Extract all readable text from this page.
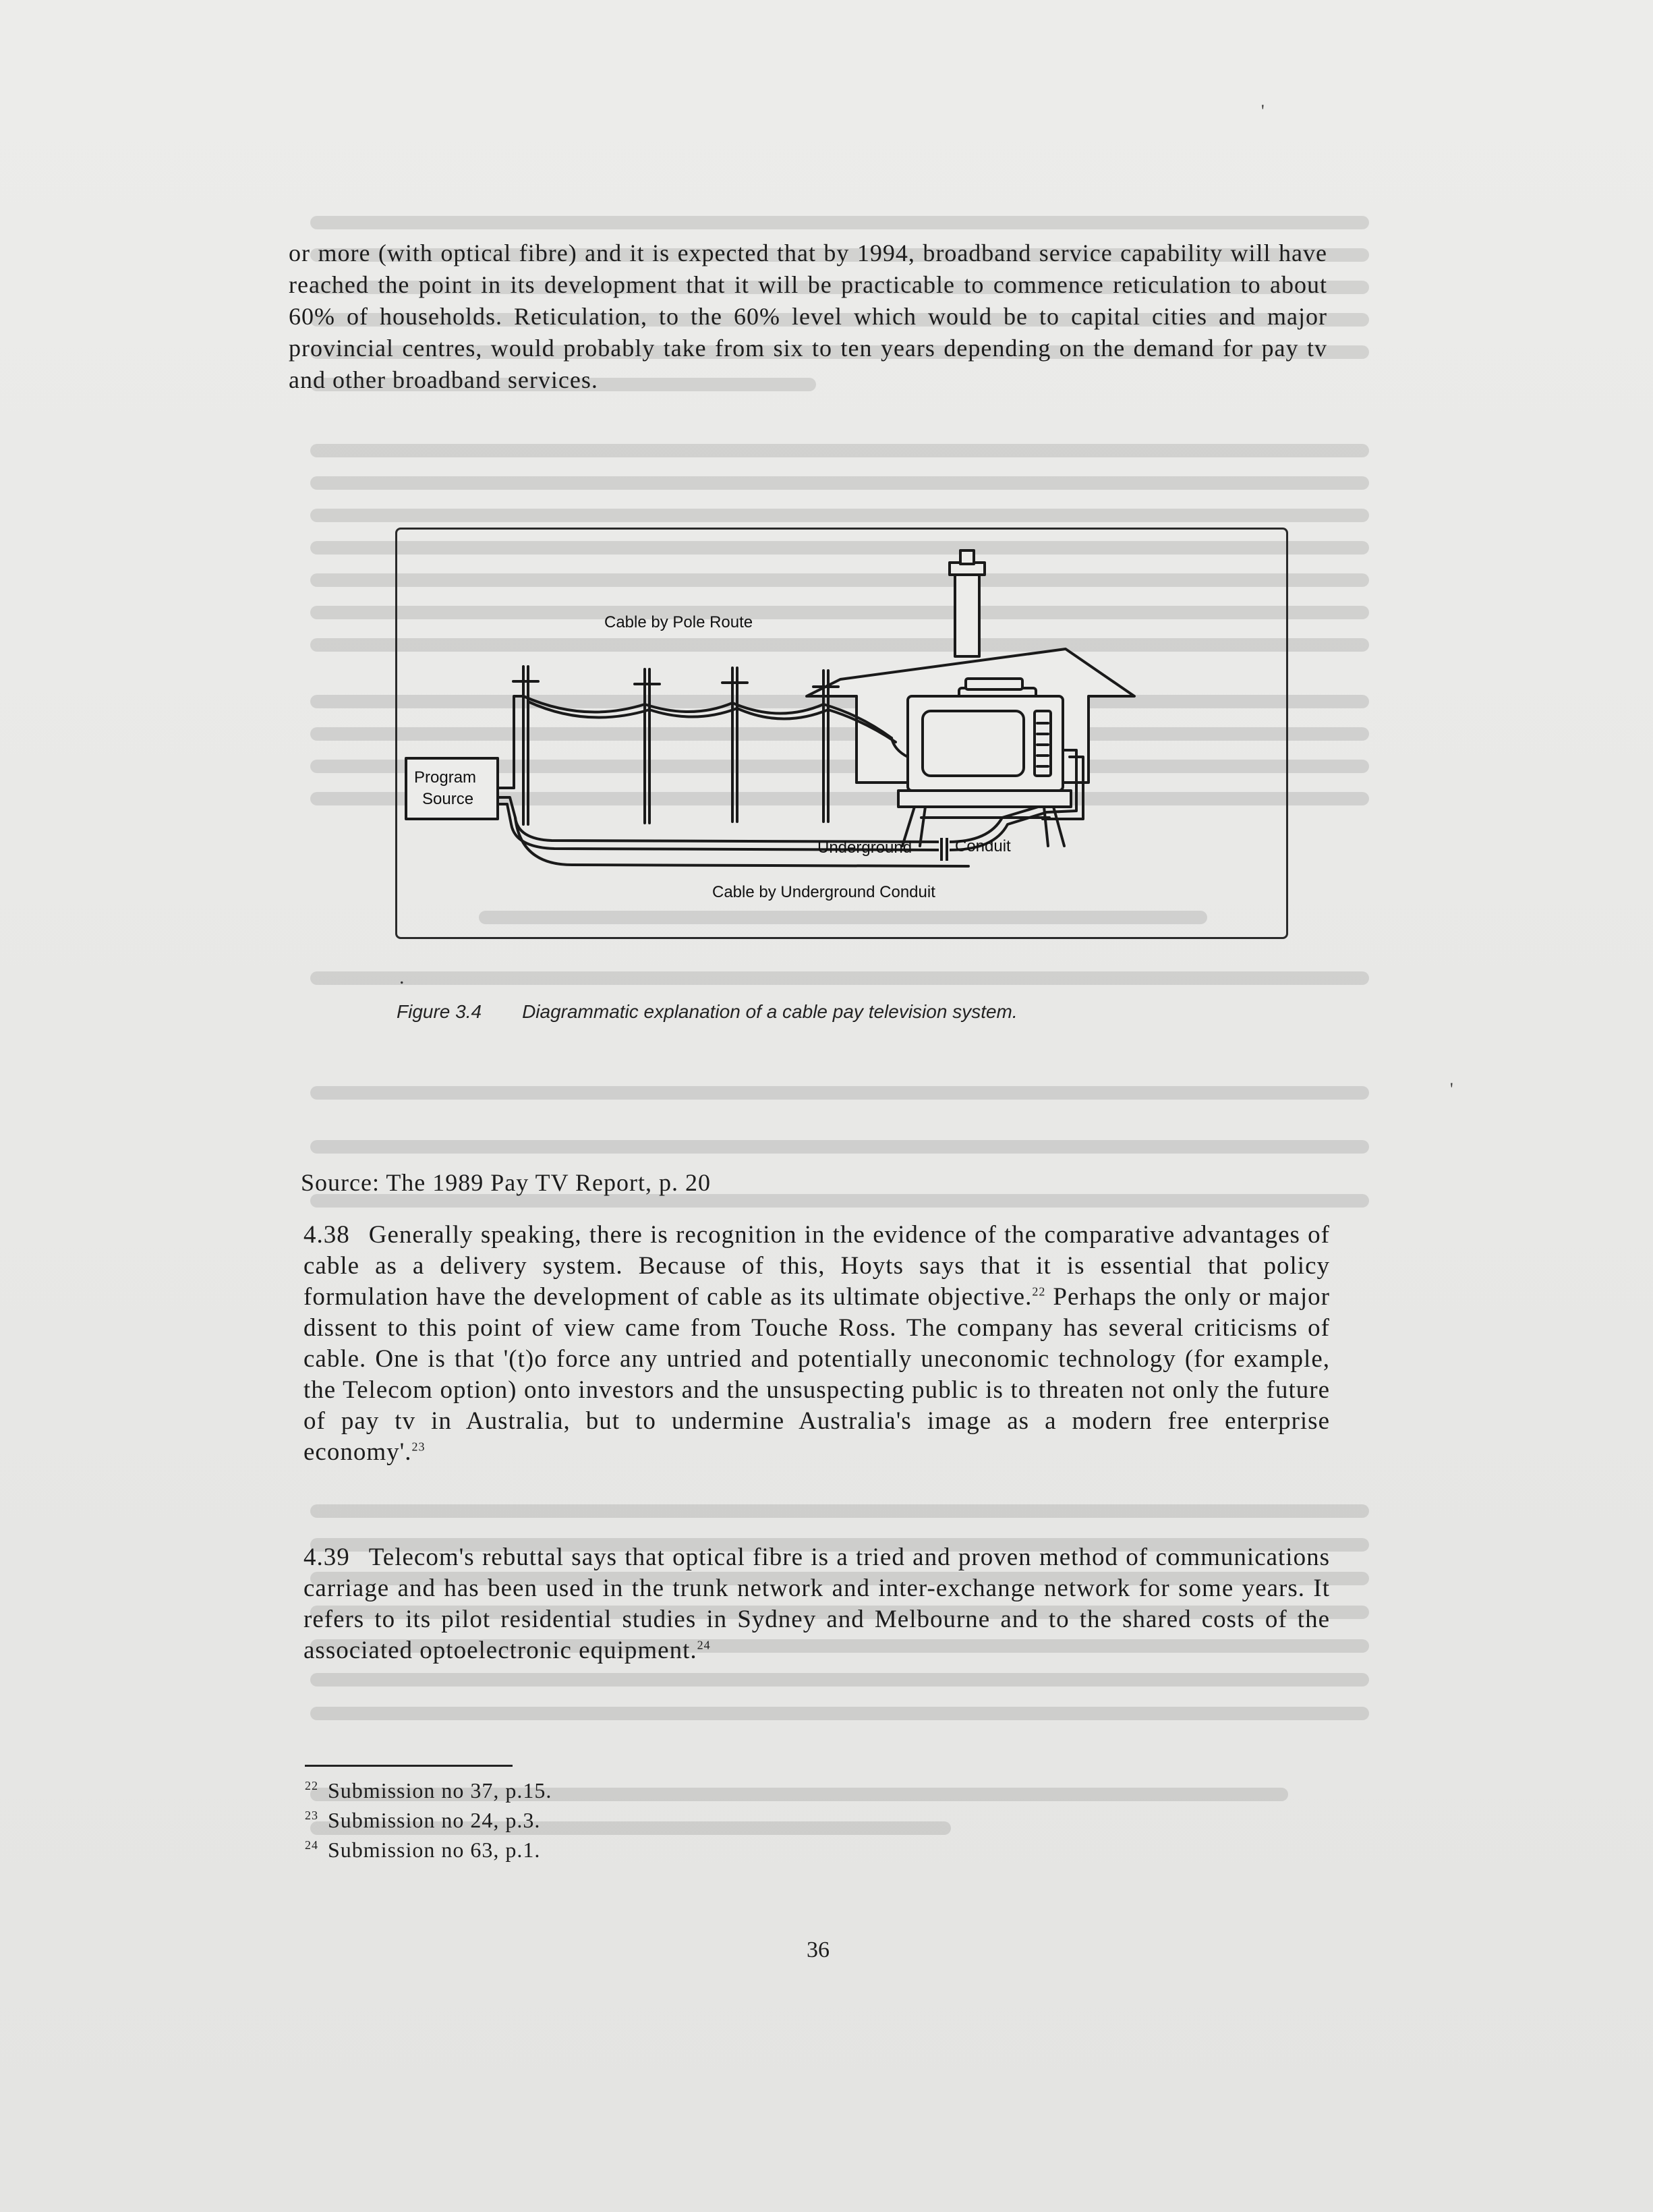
'
'
.
or more (with optical fibre) and it is expected that by 1994, broadband service capability will have reached the point in its development that it will be practicable to commence reticulation to about 60% of households. Reticulation, to the 60% level which would be to capital cities and major provincial centres, would probably take from six to ten years depending on the demand for pay tv and other broadband services.
Cable by Pole Route
Program
Source
Underground	Conduit
Cable by Underground Conduit
Figure 3.4 Diagrammatic explanation of a cable pay television system.
Source: The 1989 Pay TV Report, p. 20
4.38 Generally speaking, there is recognition in the evidence of the comparative advantages of cable as a delivery system. Because of this, Hoyts says that it is essential that policy formulation have the development of cable as its ultimate objective.$^{22}$ Perhaps the only or major dissent to this point of view came from Touche Ross. The company has several criticisms of cable. One is that '(t)o force any untried and potentially uneconomic technology (for example, the Telecom option) onto investors and the unsuspecting public is to threaten not only the future of pay tv in Australia, but to undermine Australia's image as a modern free enterprise economy'.$^{23}$
4.39 Telecom's rebuttal says that optical fibre is a tried and proven method of communications carriage and has been used in the trunk network and inter-exchange network for some years. It refers to its pilot residential studies in Sydney and Melbourne and to the shared costs of the associated optoelectronic equipment.$^{24}$
$^{22}$ Submission no 37, p.15.
$^{23}$ Submission no 24, p.3.
$^{24}$ Submission no 63, p.1.
36
